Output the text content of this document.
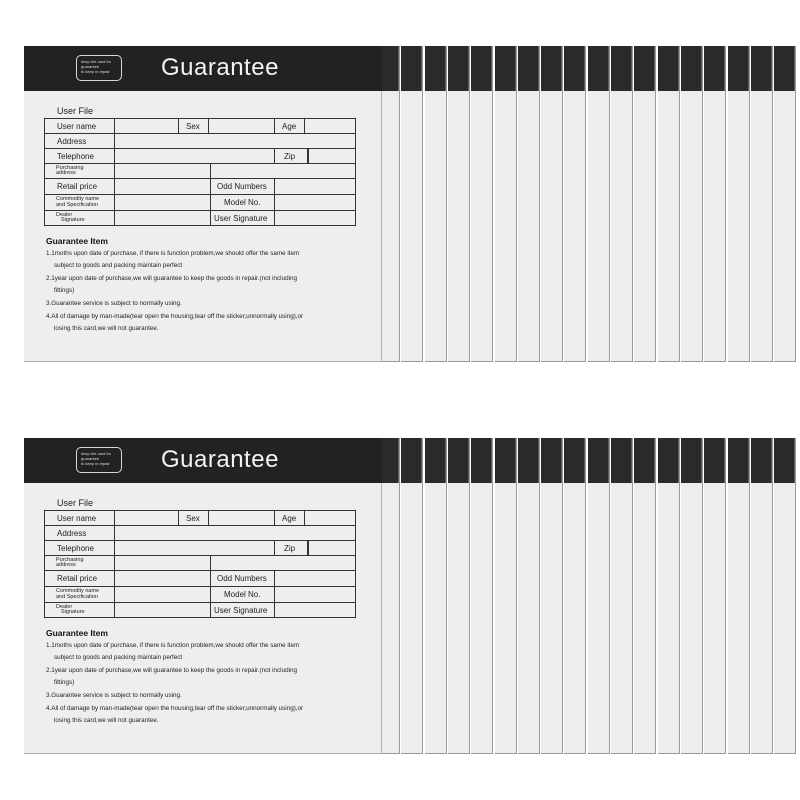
keep the card for
guarantee
to keep in repair	Guarantee
User File
User name	Sex	Age
Address
Telephone	Zip
Purchasing
address
Retail price	Odd Numbers
Commodity name
and Specification	Model No.
Dealer
Signature	User Signature
Guarantee Item
1.1moths upon date of purchase, if there is function problem,we should offer the same item
subject to goods and packing maintain perfect
2.1year upon date of purchase,we will guarantee to keep the goods in repair.(not including
fittings)
3.Guarantee service is subject to normally using.
4.All of damage by man-made(tear open the housing,tear off the sticker,unnormally using),or
losing this card,we will not guarantee.
keep the card for
guarantee
to keep in repair	Guarantee
User File
User name	Sex	Age
Address
Telephone	Zip
Purchasing
address
Retail price	Odd Numbers
Commodity name
and Specification	Model No.
Dealer
Signature	User Signature
Guarantee Item
1.1moths upon date of purchase, if there is function problem,we should offer the same item
subject to goods and packing maintain perfect
2.1year upon date of purchase,we will guarantee to keep the goods in repair.(not including
fittings)
3.Guarantee service is subject to normally using.
4.All of damage by man-made(tear open the housing,tear off the sticker,unnormally using),or
losing this card,we will not guarantee.
